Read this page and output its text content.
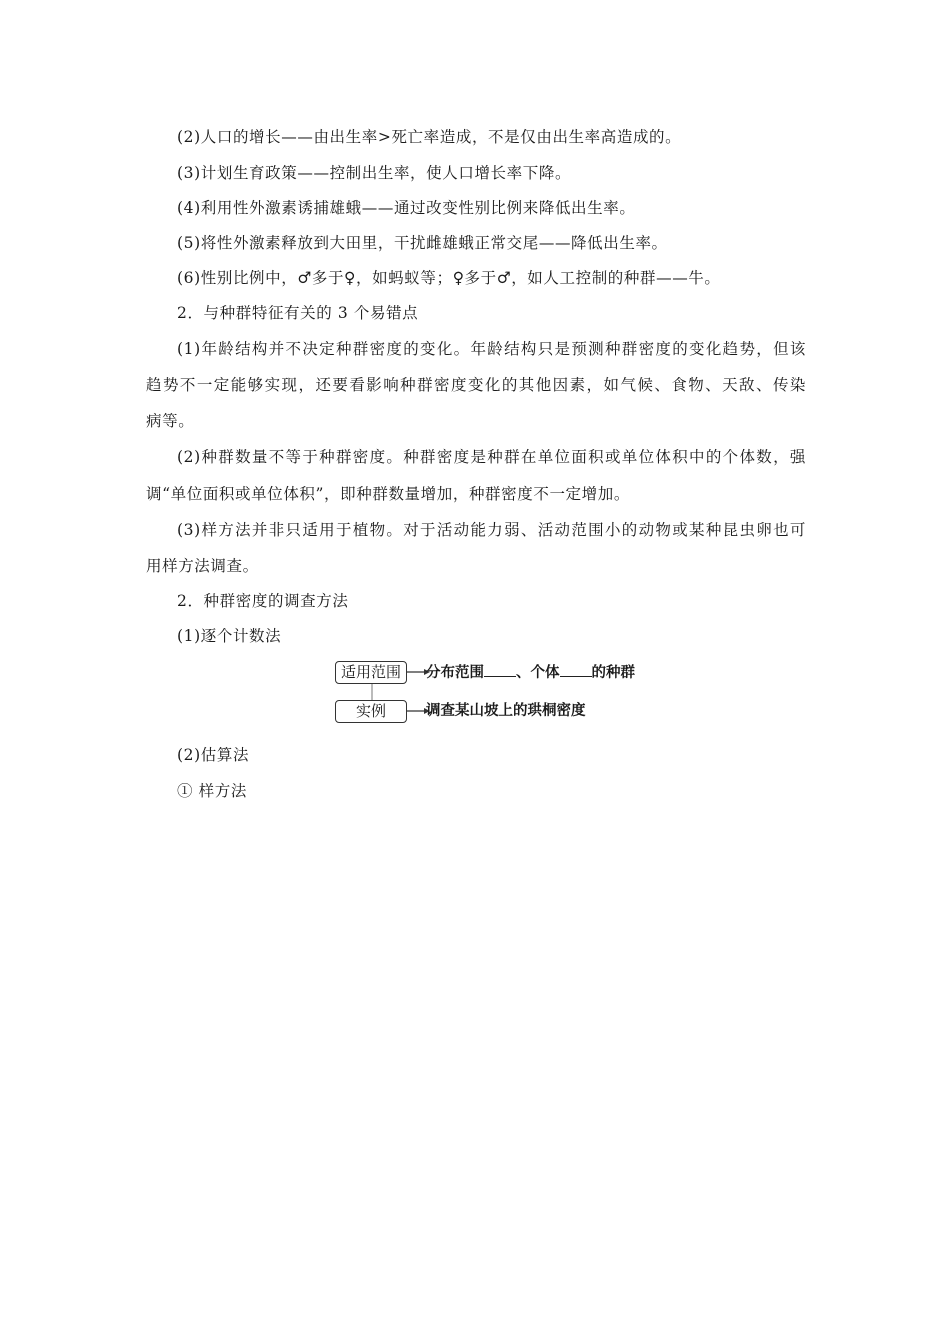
(2)人口的增长——由出生率>死亡率造成，不是仅由出生率高造成的。
(3)计划生育政策——控制出生率，使人口增长率下降。
(4)利用性外激素诱捕雄蛾——通过改变性别比例来降低出生率。
(5)将性外激素释放到大田里，干扰雌雄蛾正常交尾——降低出生率。
(6)性别比例中，♂多于♀，如蚂蚁等；♀多于♂，如人工控制的种群——牛。
2．与种群特征有关的 3 个易错点
(1)年龄结构并不决定种群密度的变化。年龄结构只是预测种群密度的变化趋势，但该
趋势不一定能够实现，还要看影响种群密度变化的其他因素，如气候、食物、天敌、传染
病等。
(2)种群数量不等于种群密度。种群密度是种群在单位面积或单位体积中的个体数，强
调“单位面积或单位体积”，即种群数量增加，种群密度不一定增加。
(3)样方法并非只适用于植物。对于活动能力弱、活动范围小的动物或某种昆虫卵也可
用样方法调查。
2．种群密度的调查方法
(1)逐个计数法
适用范围
实例
分布范围 、个体 的种群
调查某山坡上的珙桐密度
(2)估算法
① 样方法
